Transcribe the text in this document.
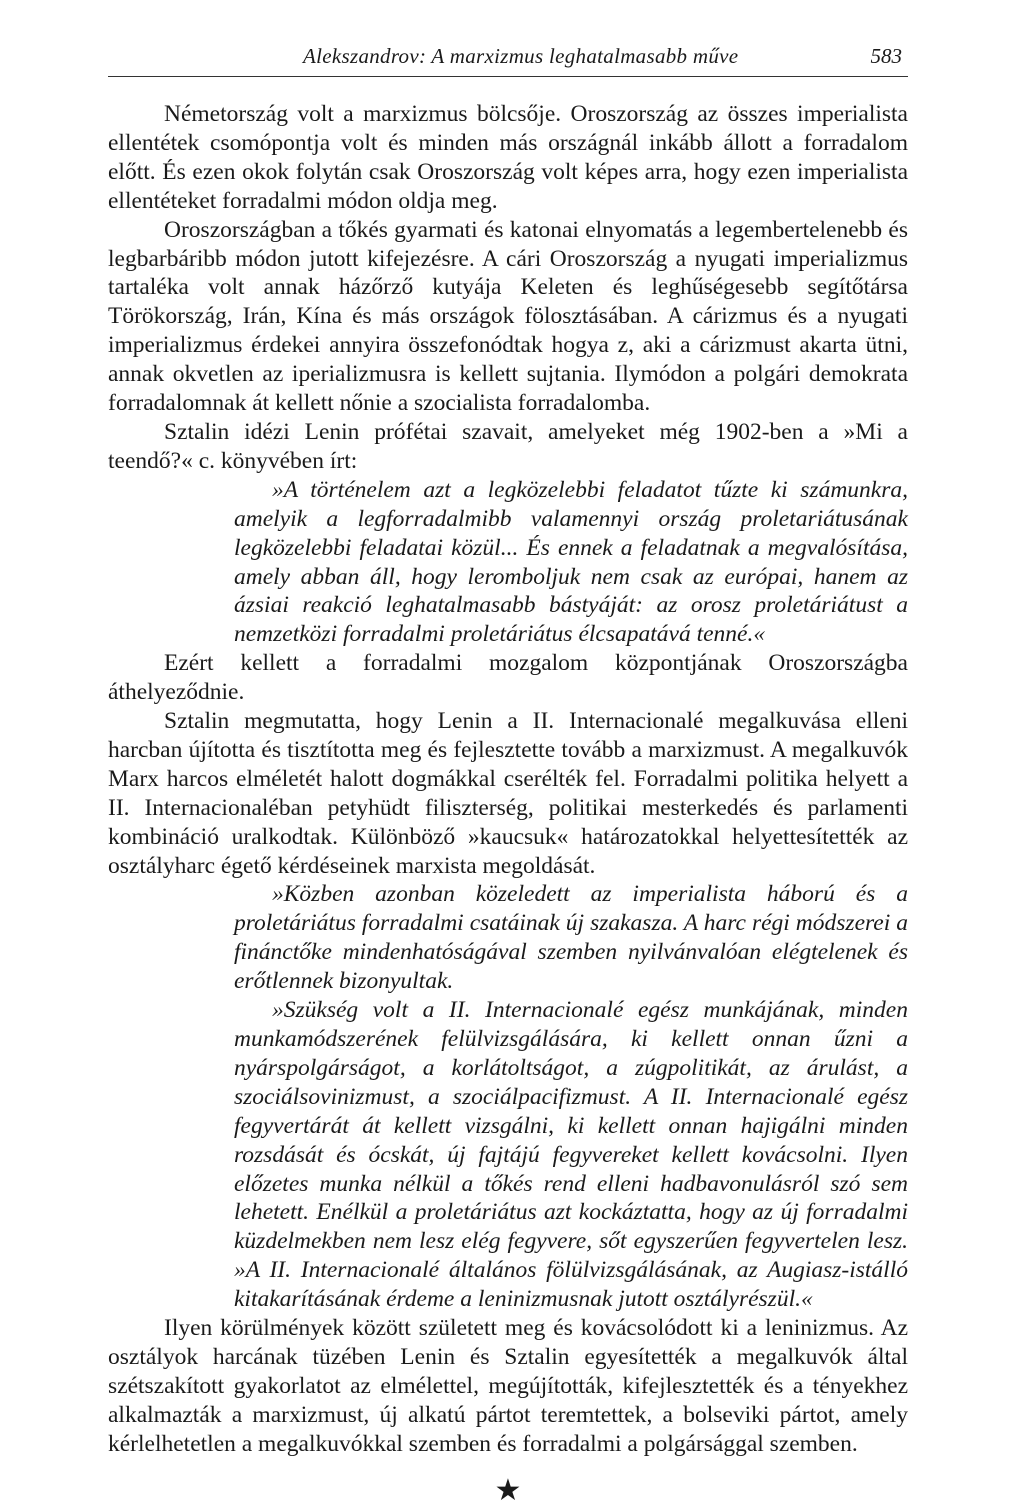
Alekszandrov: A marxizmus leghatalmasabb műve	583

Németország volt a marxizmus bölcsője. Oroszország az összes imperialista ellentétek csomópontja volt és minden más országnál inkább állott a forradalom előtt. És ezen okok folytán csak Oroszország volt képes arra, hogy ezen imperialista ellentéteket forradalmi módon oldja meg.

Oroszországban a tőkés gyarmati és katonai elnyomatás a legembertelenebb és legbarbáribb módon jutott kifejezésre. A cári Oroszország a nyugati imperializmus tartaléka volt annak házőrző kutyája Keleten és leghűségesebb segítőtársa Törökország, Irán, Kína és más országok fölosztásában. A cárizmus és a nyugati imperializmus érdekei annyira összefonódtak hogya z, aki a cárizmust akarta ütni, annak okvetlen az iperializmusra is kellett sujtania. Ilymódon a polgári demokrata forradalomnak át kellett nőnie a szocialista forradalomba.

Sztalin idézi Lenin prófétai szavait, amelyeket még 1902-ben a »Mi a teendő?« c. könyvében írt:

»A történelem azt a legközelebbi feladatot tűzte ki számunkra, amelyik a legforradalmibb valamennyi ország proletariátusának legközelebbi feladatai közül... És ennek a feladatnak a megvalósítása, amely abban áll, hogy leromboljuk nem csak az európai, hanem az ázsiai reakció leghatalmasabb bástyáját: az orosz proletáriátust a nemzetközi forradalmi proletáriátus élcsapatává tenné.«

Ezért kellett a forradalmi mozgalom központjának Oroszországba áthelyeződnie.

Sztalin megmutatta, hogy Lenin a II. Internacionalé megalkuvása elleni harcban újította és tisztította meg és fejlesztette tovább a marxizmust. A megalkuvók Marx harcos elméletét halott dogmákkal cserélték fel. Forradalmi politika helyett a II. Internacionaléban petyhüdt filiszterség, politikai mesterkedés és parlamenti kombináció uralkodtak. Különböző »kaucsuk« határozatokkal helyettesítették az osztályharc égető kérdéseinek marxista megoldását.

»Közben azonban közeledett az imperialista háború és a proletáriátus forradalmi csatáinak új szakasza. A harc régi módszerei a finánctőke mindenhatóságával szemben nyilvánvalóan elégtelenek és erőtlennek bizonyultak.

»Szükség volt a II. Internacionalé egész munkájának, minden munkamódszerének felülvizsgálására, ki kellett onnan űzni a nyárspolgárságot, a korlátoltságot, a zúgpolitikát, az árulást, a szociálsovinizmust, a szociálpacifizmust. A II. Internacionalé egész fegyvertárát át kellett vizsgálni, ki kellett onnan hajigálni minden rozsdását és ócskát, új fajtájú fegyvereket kellett kovácsolni. Ilyen előzetes munka nélkül a tőkés rend elleni hadbavonulásról szó sem lehetett. Enélkül a proletáriátus azt kockáztatta, hogy az új forradalmi küzdelmekben nem lesz elég fegyvere, sőt egyszerűen fegyvertelen lesz. »A II. Internacionalé általános fölülvizsgálásának, az Augiasz-istálló kitakarításának érdeme a leninizmusnak jutott osztályrészül.«

Ilyen körülmények között született meg és kovácsolódott ki a leninizmus. Az osztályok harcának tüzében Lenin és Sztalin egyesítették a megalkuvók által szétszakított gyakorlatot az elmélettel, megújították, kifejlesztették és a tényekhez alkalmazták a marxizmust, új alkatú pártot teremtettek, a bolseviki pártot, amely kérlelhetetlen a megalkuvókkal szemben és forradalmi a polgársággal szemben.

★
